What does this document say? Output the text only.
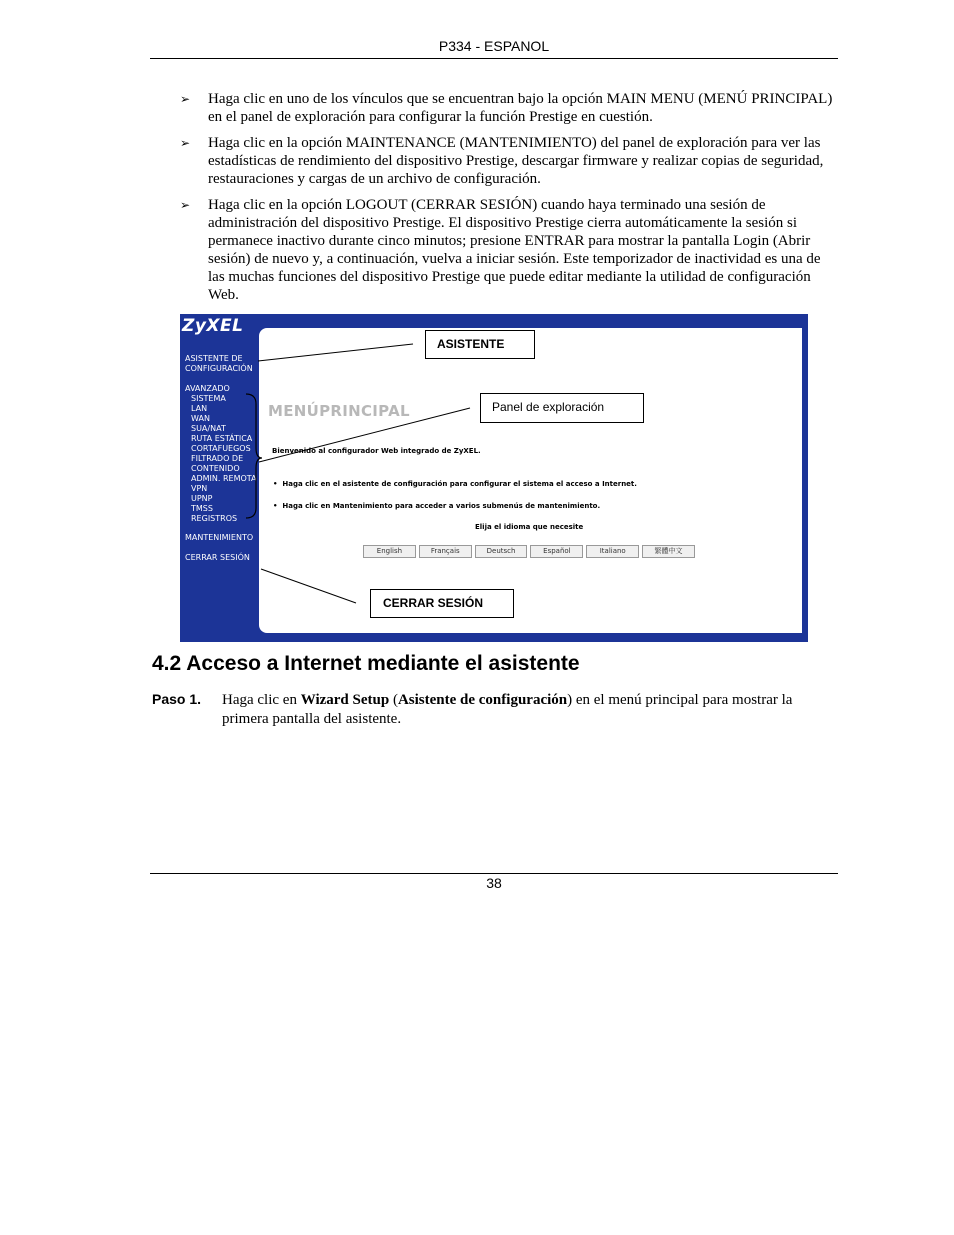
P334 - ESPANOL
➢ Haga clic en uno de los vínculos que se encuentran bajo la opción MAIN MENU (MENÚ PRINCIPAL) en el panel de exploración para configurar la función Prestige en cuestión.
➢ Haga clic en la opción MAINTENANCE (MANTENIMIENTO) del panel de exploración para ver las estadísticas de rendimiento del dispositivo Prestige, descargar firmware y realizar copias de seguridad, restauraciones y cargas de un archivo de configuración.
➢ Haga clic en la opción LOGOUT (CERRAR SESIÓN) cuando haya terminado una sesión de administración del dispositivo Prestige. El dispositivo Prestige cierra automáticamente la sesión si permanece inactivo durante cinco minutos; presione ENTRAR para mostrar la pantalla Login (Abrir sesión) de nuevo y, a continuación, vuelva a iniciar sesión. Este temporizador de inactividad es una de las muchas funciones del dispositivo Prestige que puede editar mediante la utilidad de configuración Web.
ZyXEL
ASISTENTE DE
CONFIGURACIÓN
AVANZADO
SISTEMA
LAN
WAN
SUA/NAT
RUTA ESTÁTICA
CORTAFUEGOS
FILTRADO DE
CONTENIDO
ADMIN. REMOTA
VPN
UPNP
TMSS
REGISTROS
MANTENIMIENTO
CERRAR SESIÓN
MENÚPRINCIPAL
Bienvenido al configurador Web integrado de ZyXEL.
• Haga clic en el asistente de configuración para configurar el sistema el acceso a Internet.
• Haga clic en Mantenimiento para acceder a varios submenús de mantenimiento.
Elija el idioma que necesite
English	Français	Deutsch	Español	Italiano	繁體中文
ASISTENTE
Panel de exploración
CERRAR SESIÓN
4.2 Acceso a Internet mediante el asistente
Paso 1. Haga clic en Wizard Setup (Asistente de configuración) en el menú principal para mostrar la primera pantalla del asistente.
38
